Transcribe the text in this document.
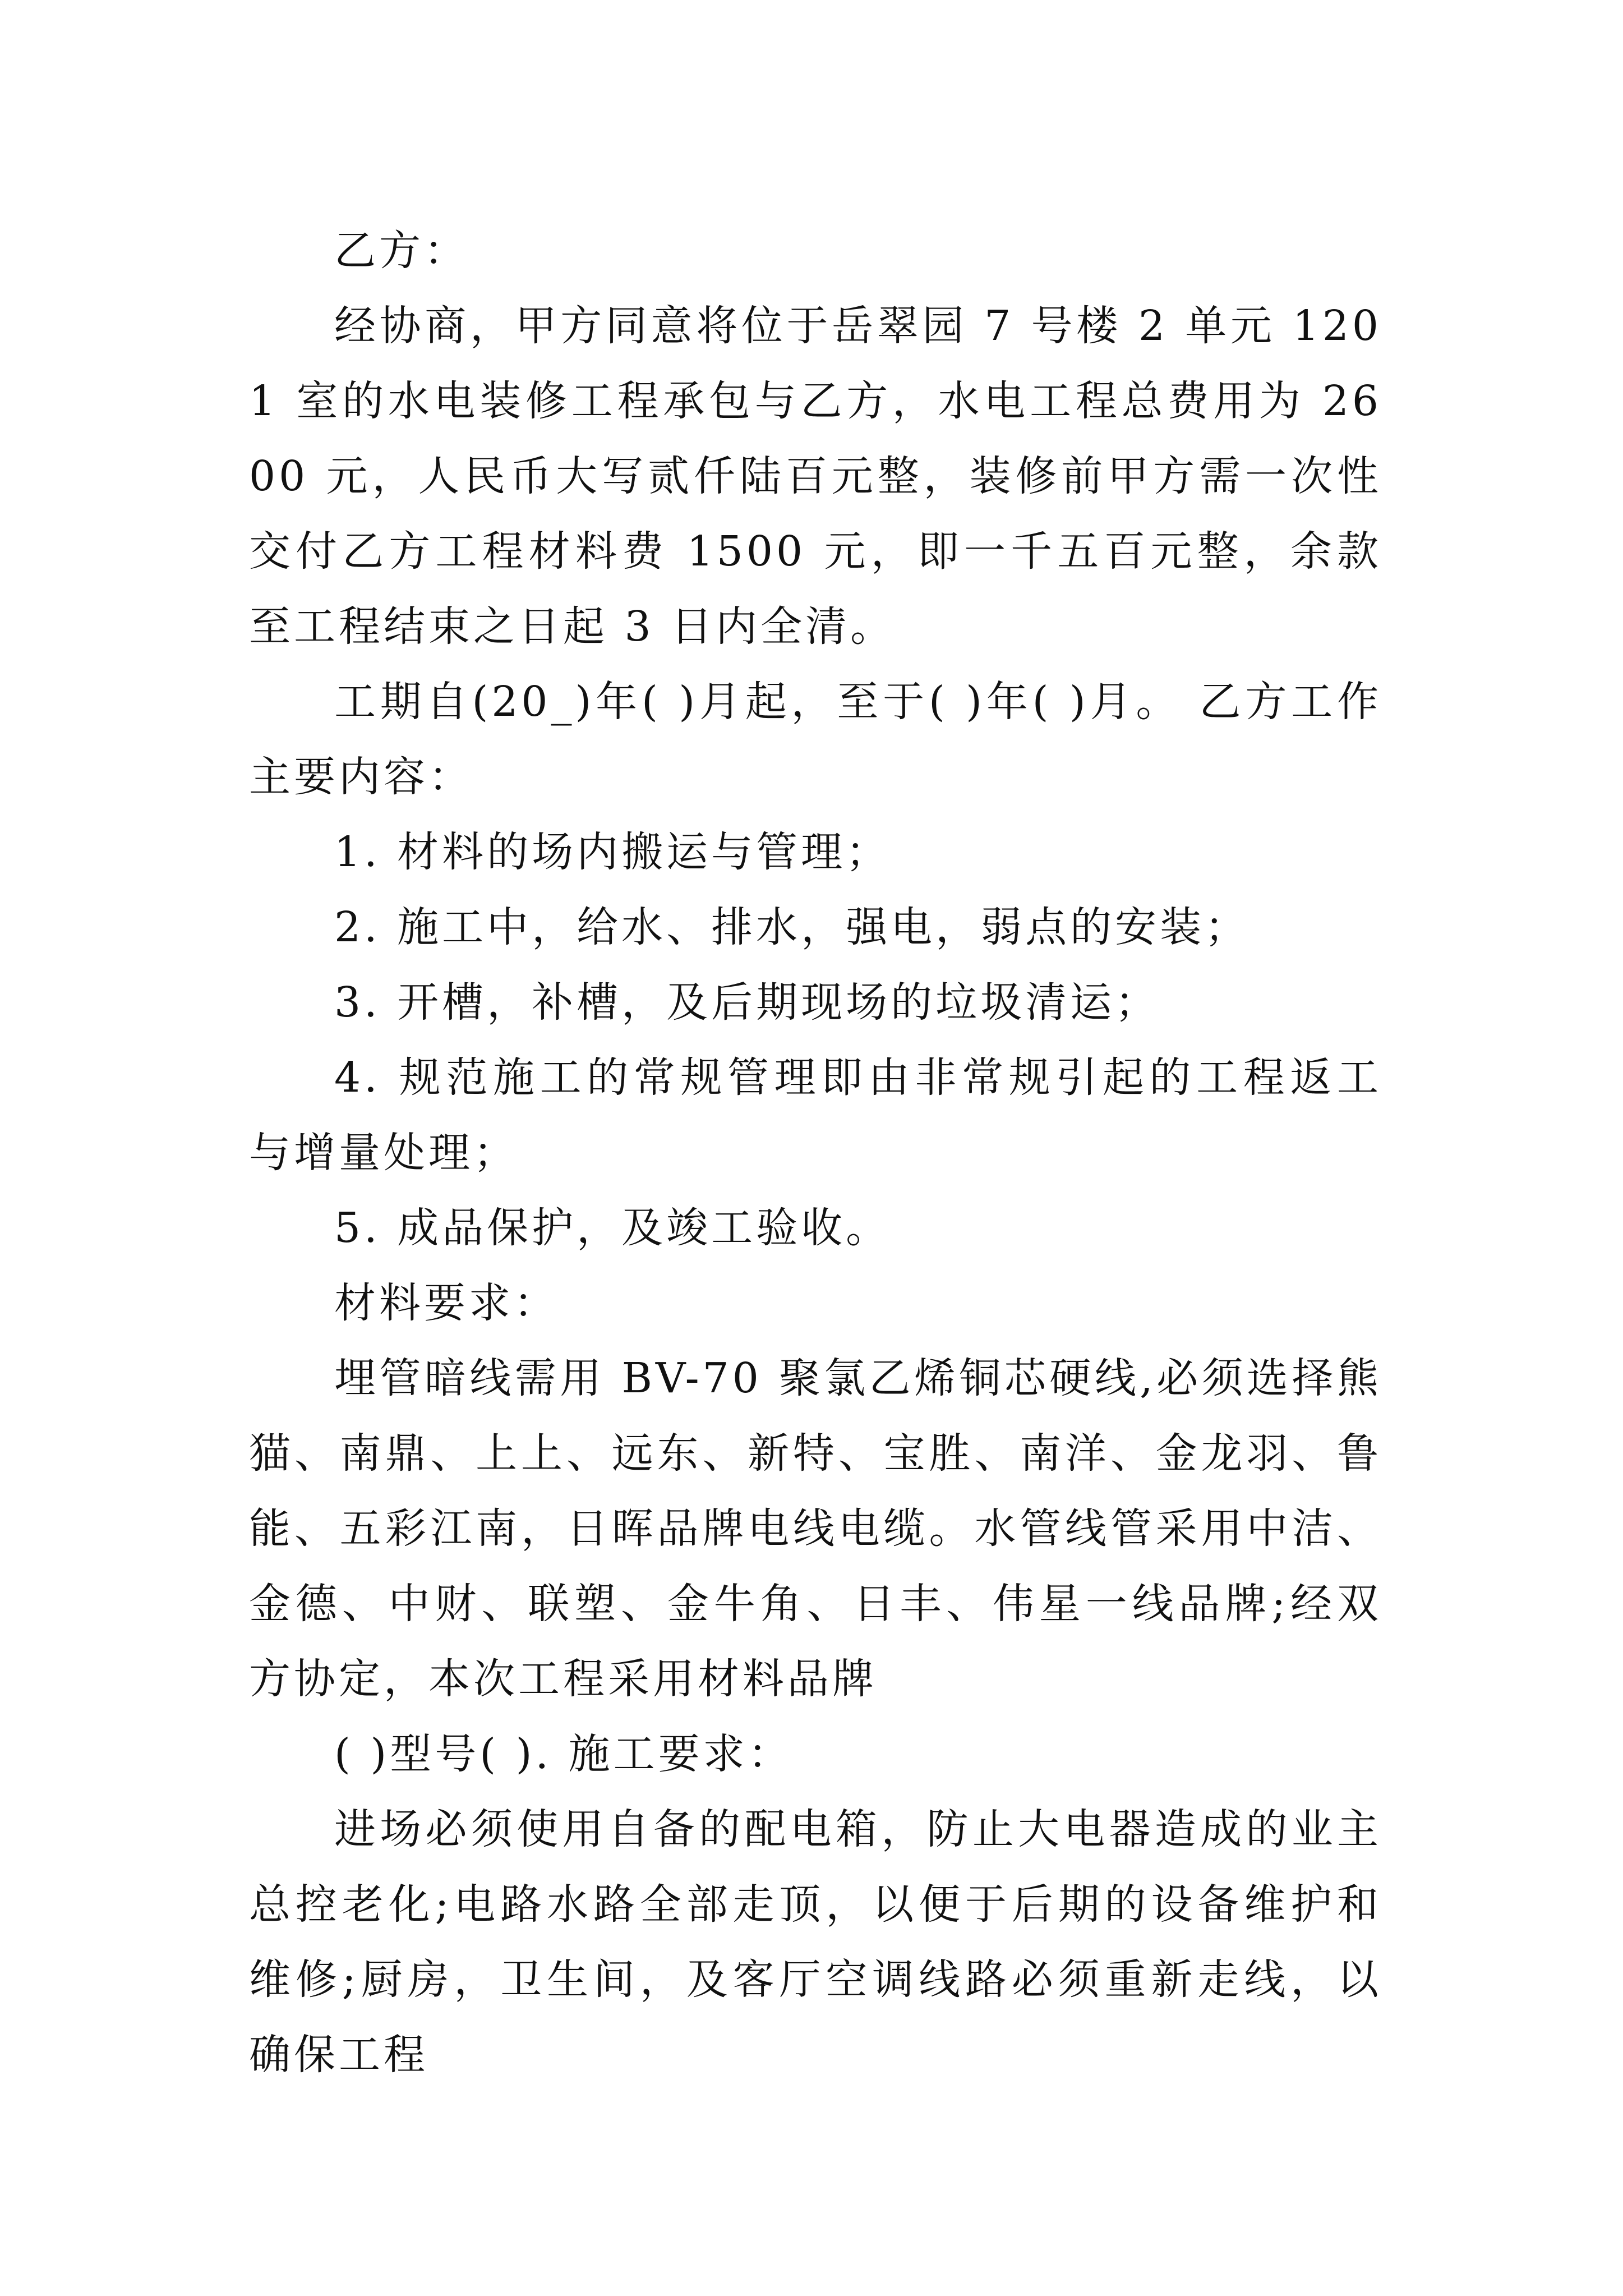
乙方：

经协商，甲方同意将位于岳翠园 7 号楼 2 单元 1201 室的水电装修工程承包与乙方，水电工程总费用为 2600 元，人民币大写贰仟陆百元整，装修前甲方需一次性交付乙方工程材料费 1500 元，即一千五百元整，余款至工程结束之日起 3 日内全清。

工期自(20_)年( )月起，至于( )年( )月。 乙方工作主要内容：

1. 材料的场内搬运与管理；

2. 施工中，给水、排水，强电，弱点的安装；

3. 开槽，补槽，及后期现场的垃圾清运；

4. 规范施工的常规管理即由非常规引起的工程返工与增量处理；

5. 成品保护，及竣工验收。

材料要求：

埋管暗线需用 BV-70 聚氯乙烯铜芯硬线,必须选择熊猫、南鼎、上上、远东、新特、宝胜、南洋、金龙羽、鲁能、五彩江南，日晖品牌电线电缆。水管线管采用中洁、金德、中财、联塑、金牛角、日丰、伟星一线品牌;经双方协定，本次工程采用材料品牌

( )型号( ). 施工要求：

进场必须使用自备的配电箱，防止大电器造成的业主总控老化;电路水路全部走顶，以便于后期的设备维护和维修;厨房，卫生间，及客厅空调线路必须重新走线，以确保工程
